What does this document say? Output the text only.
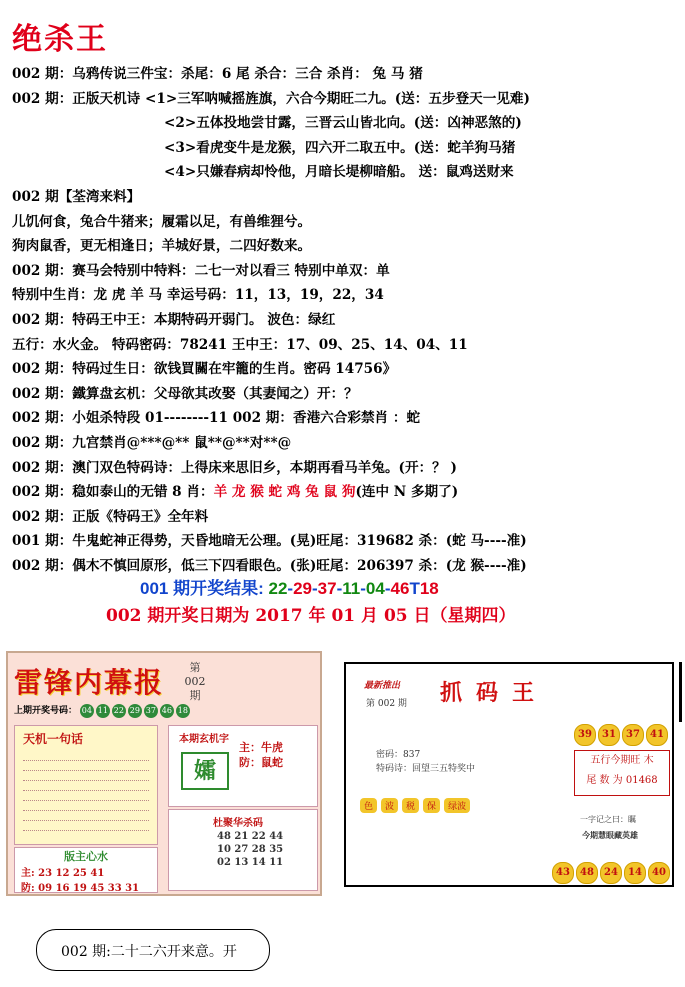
绝杀王
002 期：乌鸦传说三件宝：杀尾：6 尾 杀合：三合 杀肖： 兔 马 猪
002 期：正版天机诗 <1>三军呐喊摇旌旗，六合今期旺二九。(送：五步登天一见难)
<2>五体投地尝甘露，三晋云山皆北向。(送：凶神恶煞的)
<3>看虎变牛是龙猴，四六开二取五中。(送：蛇羊狗马猪
<4>只嫌春病却怜他，月暗长堤柳暗船。 送：鼠鸡送财来
002 期【荃湾来料】
儿饥何食，兔合牛猪来；履霜以足，有兽维狸兮。
狗肉鼠香，更无相逢日；羊城好景，二四好数来。
002 期：赛马会特别中特料：二七一对以看三 特别中单双：单
特别中生肖：龙 虎 羊 马 幸运号码：11，13，19，22，34
002 期：特码王中王：本期特码开弱门。 波色：绿红
五行：水火金。 特码密码：78241 王中王：17、09、25、14、04、11
002 期：特码过生日：欲钱買關在牢籠的生肖。密码 14756》
002 期：鐵算盘玄机：父母欲其改娶（其妻闻之）开：？
002 期：小姐杀特段 01--------11 002 期：香港六合彩禁肖 ：蛇
002 期：九宫禁肖@***@** 鼠**@**对**@
002 期：澳门双色特码诗：上得床来思旧乡，本期再看马羊兔。(开：？ )
002 期：稳如泰山的无错 8 肖：羊 龙 猴 蛇 鸡 兔 鼠 狗(连中 N 多期了)
002 期：正版《特码王》全年料
001 期：牛鬼蛇神正得势，天昏地暗无公理。(晃)旺尾：319682 杀：(蛇 马----准)
002 期：偶木不慎回原形，低三下四看眼色。(张)旺尾：206397 杀：(龙 猴----准)
001 期开奖结果: 22-29-37-11-04-46T18
002 期开奖日期为 2017 年 01 月 05 日（星期四）
雷锋内幕报	第
002
期
上期开奖号码： 04 11 22 29 37 46 18
天机一句话
版主心水
主: 23 12 25 41
防: 09 16 19 45 33 31
本期玄机字
孀
主：牛虎
防：鼠蛇
杜聚华杀码
48 21 22 44
10 27 28 35
02 13 14 11
最新推出
第 002 期 抓码王
密码：837
特码诗：回望三五特奖中
39	31	37	41
五行今期旺 木
尾 数 为 01468
色 波 税 保 绿波
一字记之曰：瞩
今期慧眼藏英雄
43	48	24	14	40
002 期:二十二六开来意。开
